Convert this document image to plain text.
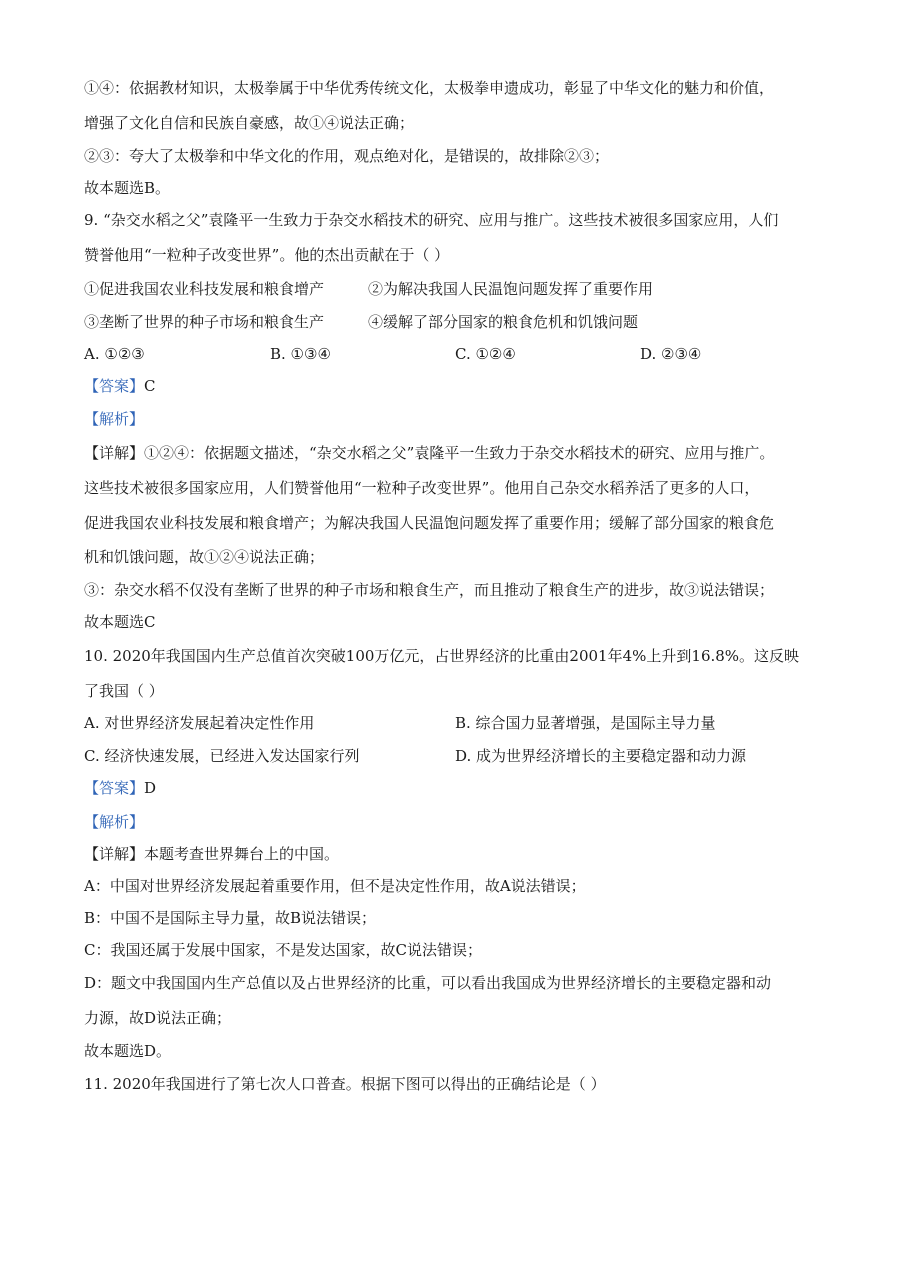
①④：依据教材知识，太极拳属于中华优秀传统文化，太极拳申遗成功，彰显了中华文化的魅力和价值，
增强了文化自信和民族自豪感，故①④说法正确；
②③：夸大了太极拳和中华文化的作用，观点绝对化，是错误的，故排除②③；
故本题选B。
9. “杂交水稻之父”袁隆平一生致力于杂交水稻技术的研究、应用与推广。这些技术被很多国家应用，人们
赞誉他用“一粒种子改变世界”。他的杰出贡献在于（ ）
①促进我国农业科技发展和粮食增产	②为解决我国人民温饱问题发挥了重要作用
③垄断了世界的种子市场和粮食生产	④缓解了部分国家的粮食危机和饥饿问题
A. ①②③	B. ①③④	C. ①②④	D. ②③④
【答案】C
【解析】
【详解】①②④：依据题文描述，“杂交水稻之父”袁隆平一生致力于杂交水稻技术的研究、应用与推广。
这些技术被很多国家应用，人们赞誉他用“一粒种子改变世界”。他用自己杂交水稻养活了更多的人口，
促进我国农业科技发展和粮食增产；为解决我国人民温饱问题发挥了重要作用；缓解了部分国家的粮食危
机和饥饿问题，故①②④说法正确；
③：杂交水稻不仅没有垄断了世界的种子市场和粮食生产，而且推动了粮食生产的进步，故③说法错误；
故本题选C
10. 2020年我国国内生产总值首次突破100万亿元，占世界经济的比重由2001年4%上升到16.8%。这反映
了我国（ ）
A. 对世界经济发展起着决定性作用	B. 综合国力显著增强，是国际主导力量
C. 经济快速发展，已经进入发达国家行列	D. 成为世界经济增长的主要稳定器和动力源
【答案】D
【解析】
【详解】本题考查世界舞台上的中国。
A：中国对世界经济发展起着重要作用，但不是决定性作用，故A说法错误；
B：中国不是国际主导力量，故B说法错误；
C：我国还属于发展中国家，不是发达国家，故C说法错误；
D：题文中我国国内生产总值以及占世界经济的比重，可以看出我国成为世界经济增长的主要稳定器和动
力源，故D说法正确；
故本题选D。
11. 2020年我国进行了第七次人口普查。根据下图可以得出的正确结论是（ ）
